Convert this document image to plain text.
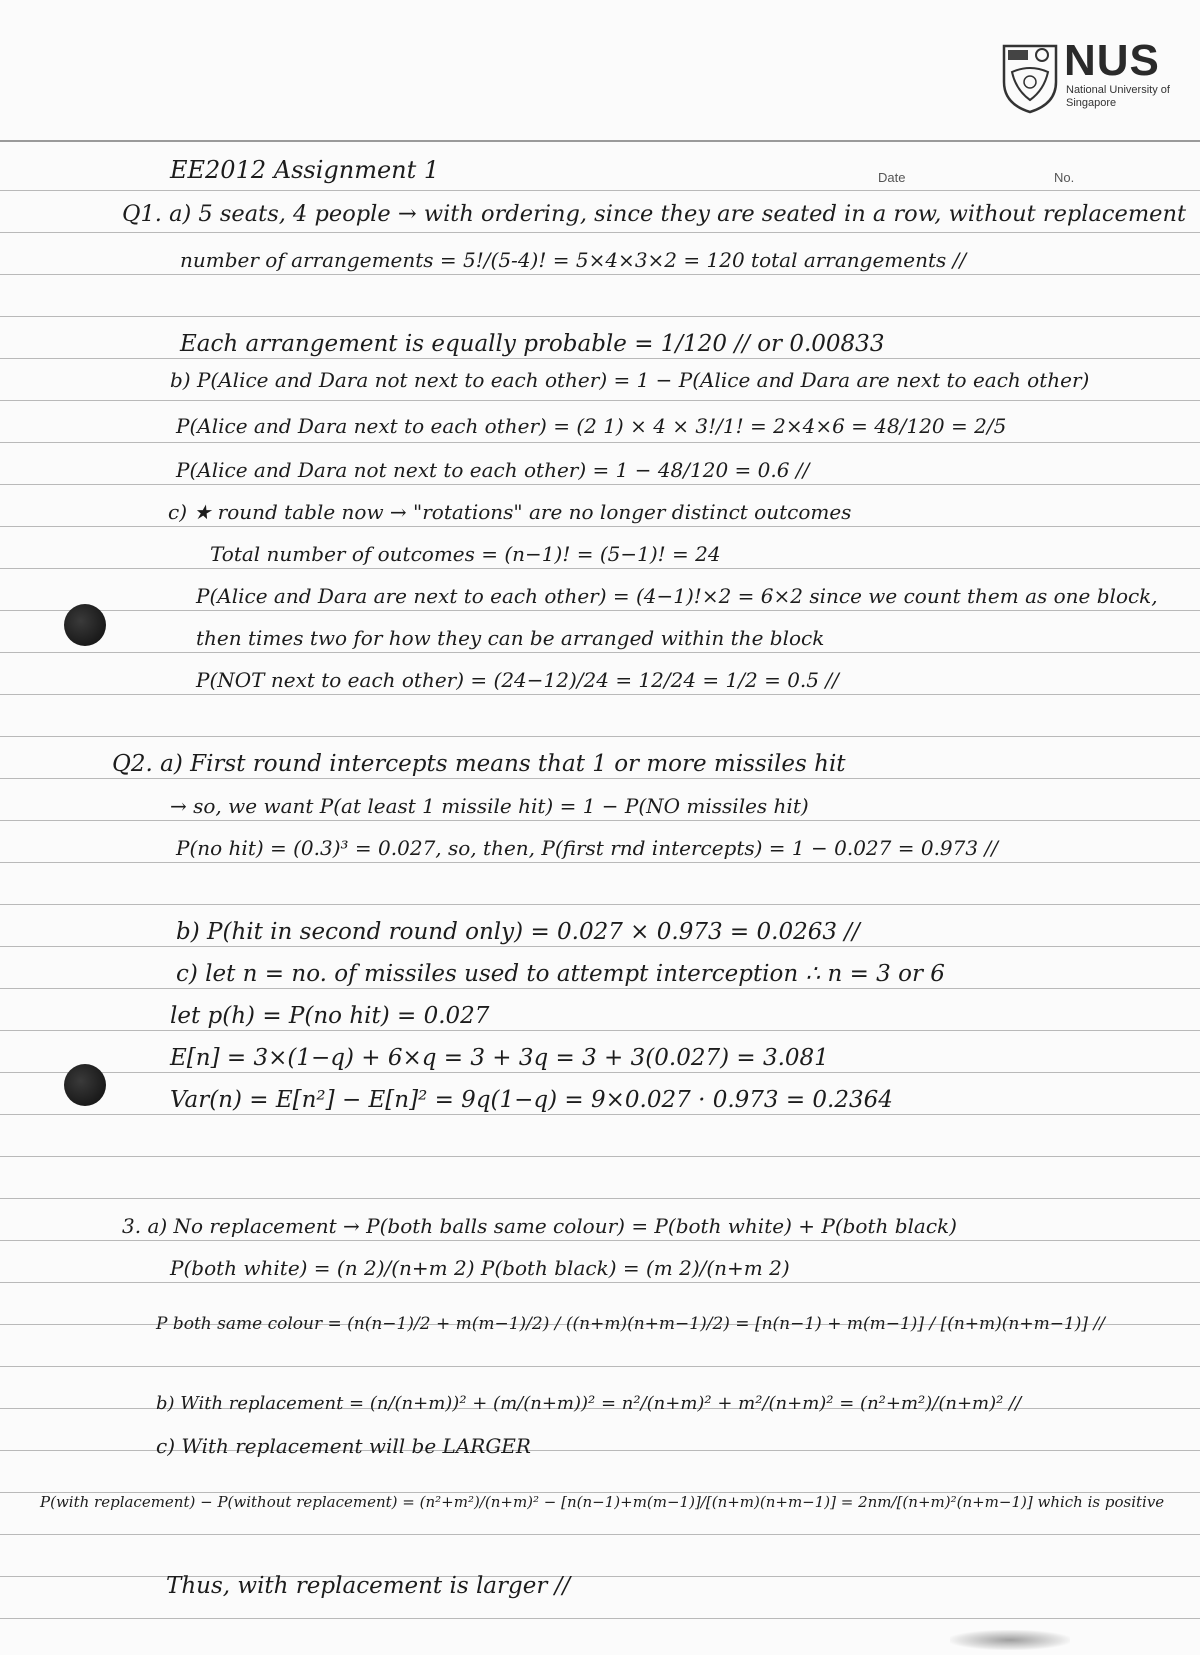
NUS
National University of Singapore
EE2012 Assignment 1	Date	No.
Q1. a) 5 seats, 4 people → with ordering, since they are seated in a row, without replacement
number of arrangements = 5!/(5-4)! = 5×4×3×2 = 120 total arrangements //
Each arrangement is equally probable = 1/120 // or 0.00833
b) P(Alice and Dara not next to each other) = 1 − P(Alice and Dara are next to each other)
P(Alice and Dara next to each other) = (2 1) × 4 × 3!/1! = 2×4×6 = 48/120 = 2/5
P(Alice and Dara not next to each other) = 1 − 48/120 = 0.6 //
c) ★ round table now → "rotations" are no longer distinct outcomes
Total number of outcomes = (n−1)! = (5−1)! = 24
P(Alice and Dara are next to each other) = (4−1)!×2 = 6×2 since we count them as one block,
then times two for how they can be arranged within the block
P(NOT next to each other) = (24−12)/24 = 12/24 = 1/2 = 0.5 //
Q2. a) First round intercepts means that 1 or more missiles hit
→ so, we want P(at least 1 missile hit) = 1 − P(NO missiles hit)
P(no hit) = (0.3)³ = 0.027, so, then, P(first rnd intercepts) = 1 − 0.027 = 0.973 //
b) P(hit in second round only) = 0.027 × 0.973 = 0.0263 //
c) let n = no. of missiles used to attempt interception ∴ n = 3 or 6
let p(h) = P(no hit) = 0.027
E[n] = 3×(1−q) + 6×q = 3 + 3q = 3 + 3(0.027) = 3.081
Var(n) = E[n²] − E[n]² = 9q(1−q) = 9×0.027 · 0.973 = 0.2364
3. a) No replacement → P(both balls same colour) = P(both white) + P(both black)
P(both white) = (n 2)/(n+m 2) P(both black) = (m 2)/(n+m 2)
P both same colour = (n(n−1)/2 + m(m−1)/2) / ((n+m)(n+m−1)/2) = [n(n−1) + m(m−1)] / [(n+m)(n+m−1)] //
b) With replacement = (n/(n+m))² + (m/(n+m))² = n²/(n+m)² + m²/(n+m)² = (n²+m²)/(n+m)² //
c) With replacement will be LARGER
P(with replacement) − P(without replacement) = (n²+m²)/(n+m)² − [n(n−1)+m(m−1)]/[(n+m)(n+m−1)] = 2nm/[(n+m)²(n+m−1)] which is positive
Thus, with replacement is larger //
